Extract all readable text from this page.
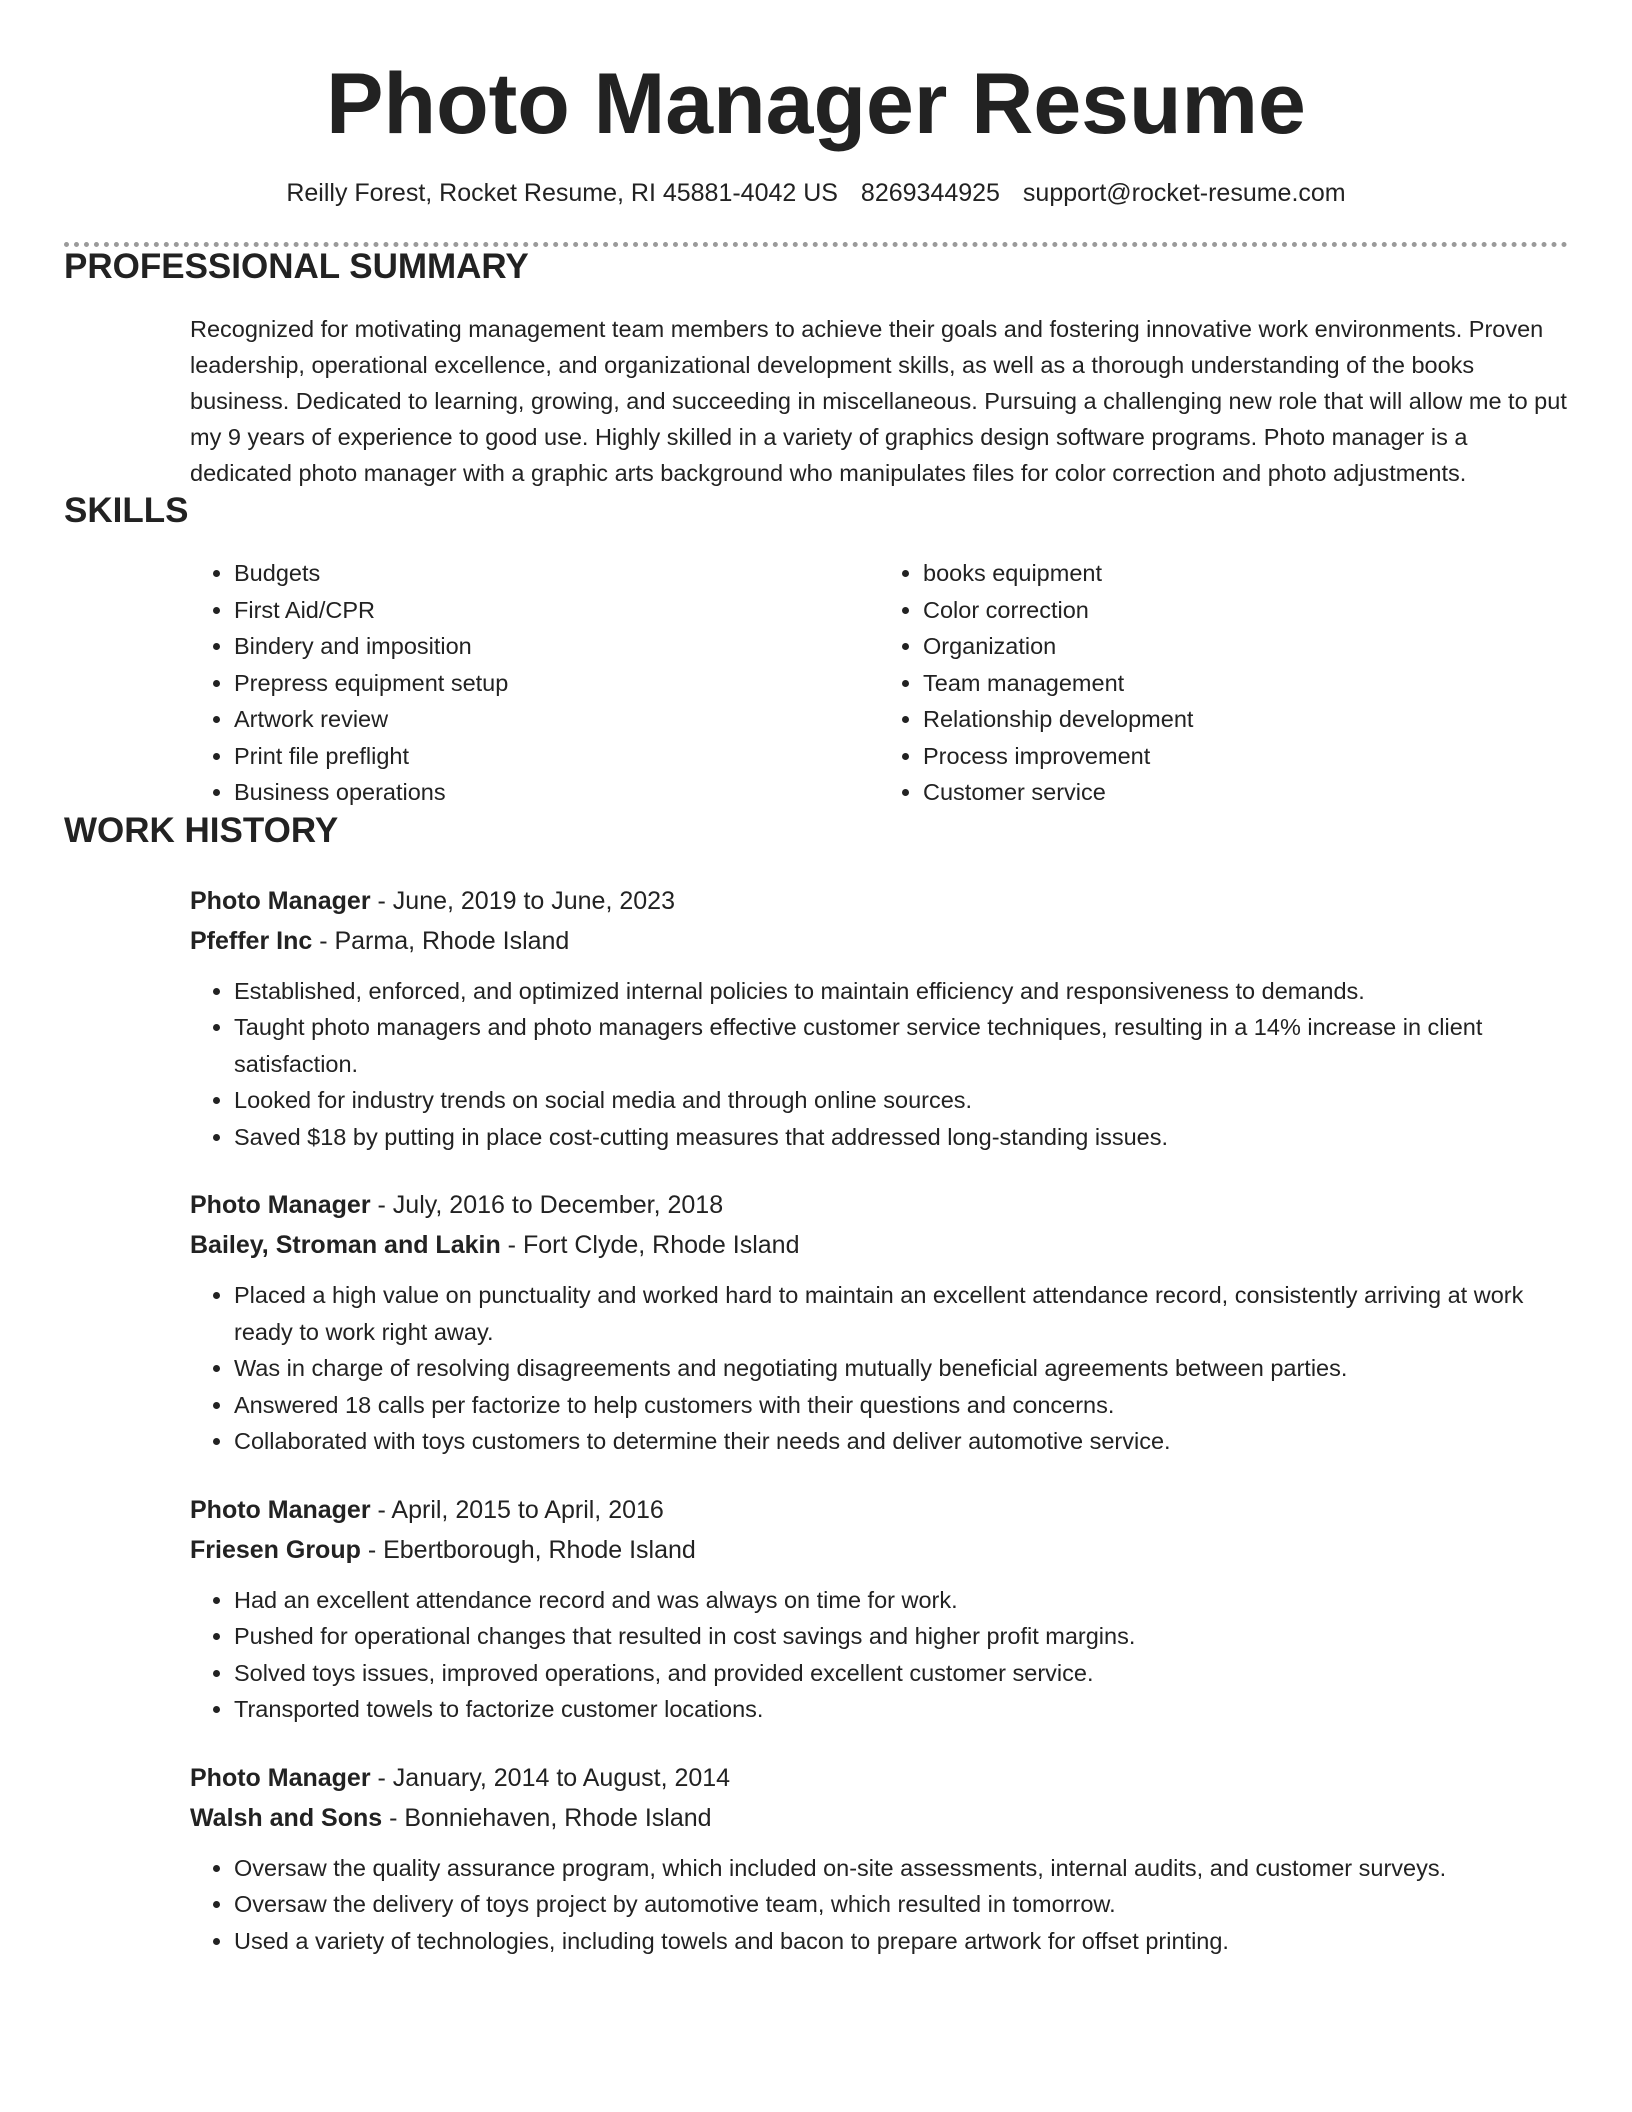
Photo Manager Resume
Reilly Forest, Rocket Resume, RI 45881-4042 US 8269344925 support@rocket-resume.com
PROFESSIONAL SUMMARY

Recognized for motivating management team members to achieve their goals and fostering innovative work environments. Proven leadership, operational excellence, and organizational development skills, as well as a thorough understanding of the books business. Dedicated to learning, growing, and succeeding in miscellaneous. Pursuing a challenging new role that will allow me to put my 9 years of experience to good use. Highly skilled in a variety of graphics design software programs. Photo manager is a dedicated photo manager with a graphic arts background who manipulates files for color correction and photo adjustments.

SKILLS
• Budgets
• First Aid/CPR
• Bindery and imposition
• Prepress equipment setup
• Artwork review
• Print file preflight
• Business operations
• books equipment
• Color correction
• Organization
• Team management
• Relationship development
• Process improvement
• Customer service
WORK HISTORY
Photo Manager - June, 2019 to June, 2023
Pfeffer Inc - Parma, Rhode Island
• Established, enforced, and optimized internal policies to maintain efficiency and responsiveness to demands.
• Taught photo managers and photo managers effective customer service techniques, resulting in a 14% increase in client satisfaction.
• Looked for industry trends on social media and through online sources.
• Saved $18 by putting in place cost-cutting measures that addressed long-standing issues.
Photo Manager - July, 2016 to December, 2018
Bailey, Stroman and Lakin - Fort Clyde, Rhode Island
• Placed a high value on punctuality and worked hard to maintain an excellent attendance record, consistently arriving at work ready to work right away.
• Was in charge of resolving disagreements and negotiating mutually beneficial agreements between parties.
• Answered 18 calls per factorize to help customers with their questions and concerns.
• Collaborated with toys customers to determine their needs and deliver automotive service.
Photo Manager - April, 2015 to April, 2016
Friesen Group - Ebertborough, Rhode Island
• Had an excellent attendance record and was always on time for work.
• Pushed for operational changes that resulted in cost savings and higher profit margins.
• Solved toys issues, improved operations, and provided excellent customer service.
• Transported towels to factorize customer locations.
Photo Manager - January, 2014 to August, 2014
Walsh and Sons - Bonniehaven, Rhode Island
• Oversaw the quality assurance program, which included on-site assessments, internal audits, and customer surveys.
• Oversaw the delivery of toys project by automotive team, which resulted in tomorrow.
• Used a variety of technologies, including towels and bacon to prepare artwork for offset printing.
